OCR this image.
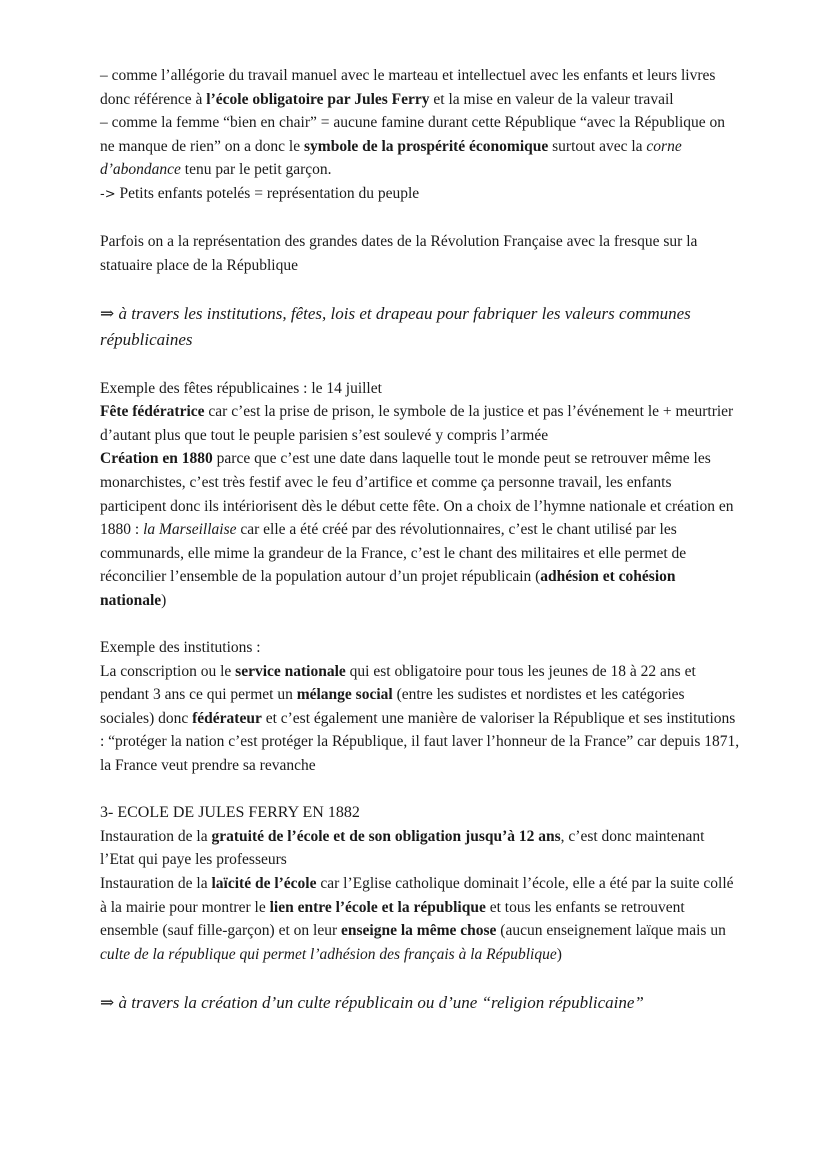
– comme l’allégorie du travail manuel avec le marteau et intellectuel avec les enfants et leurs livres donc référence à l’école obligatoire par Jules Ferry et la mise en valeur de la valeur travail

– comme la femme “bien en chair” = aucune famine durant cette République “avec la République on ne manque de rien” on a donc le symbole de la prospérité économique surtout avec la corne d’abondance tenu par le petit garçon.

-> Petits enfants potelés = représentation du peuple

Parfois on a la représentation des grandes dates de la Révolution Française avec la fresque sur la statuaire place de la République

⇒ à travers les institutions, fêtes, lois et drapeau pour fabriquer les valeurs communes républicaines

Exemple des fêtes républicaines : le 14 juillet

Fête fédératrice car c’est la prise de prison, le symbole de la justice et pas l’événement le + meurtrier d’autant plus que tout le peuple parisien s’est soulevé y compris l’armée

Création en 1880 parce que c’est une date dans laquelle tout le monde peut se retrouver même les monarchistes, c’est très festif avec le feu d’artifice et comme ça personne travail, les enfants participent donc ils intériorisent dès le début cette fête. On a choix de l’hymne nationale et création en 1880 : la Marseillaise car elle a été créé par des révolutionnaires, c’est le chant utilisé par les communards, elle mime la grandeur de la France, c’est le chant des militaires et elle permet de réconcilier l’ensemble de la population autour d’un projet républicain (adhésion et cohésion nationale)

Exemple des institutions :

La conscription ou le service nationale qui est obligatoire pour tous les jeunes de 18 à 22 ans et pendant 3 ans ce qui permet un mélange social (entre les sudistes et nordistes et les catégories sociales) donc fédérateur et c’est également une manière de valoriser la République et ses institutions : “protéger la nation c’est protéger la République, il faut laver l’honneur de la France” car depuis 1871, la France veut prendre sa revanche

3- ECOLE DE JULES FERRY EN 1882

Instauration de la gratuité de l’école et de son obligation jusqu’à 12 ans, c’est donc maintenant l’Etat qui paye les professeurs

Instauration de la laïcité de l’école car l’Eglise catholique dominait l’école, elle a été par la suite collé à la mairie pour montrer le lien entre l’école et la république et tous les enfants se retrouvent ensemble (sauf fille-garçon) et on leur enseigne la même chose (aucun enseignement laïque mais un culte de la république qui permet l’adhésion des français à la République)

⇒ à travers la création d’un culte républicain ou d’une “religion républicaine”
